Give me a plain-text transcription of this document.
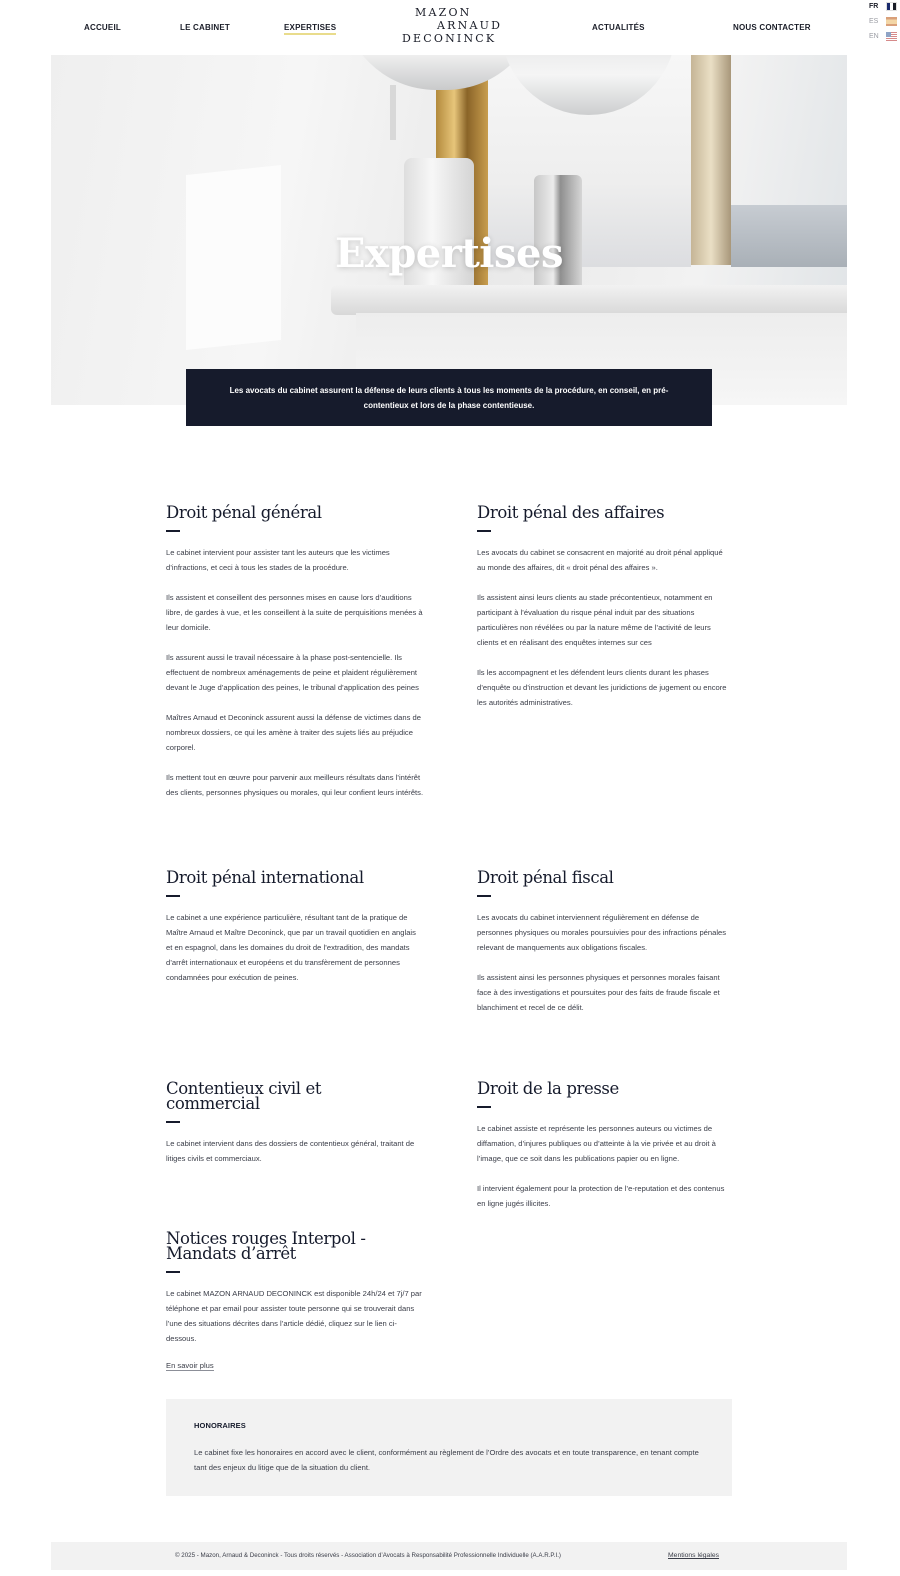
ACCUEIL	LE CABINET	EXPERTISES
MAZON
ARNAUD
DECONINCK
ACTUALITÉS	NOUS CONTACTER
FR
ES
EN
Expertises

Les avocats du cabinet assurent la défense de leurs clients à tous les moments de la procédure, en conseil, en pré-contentieux et lors de la phase contentieuse.

Droit pénal général

Le cabinet intervient pour assister tant les auteurs que les victimes d’infractions, et ceci à tous les stades de la procédure.

Ils assistent et conseillent des personnes mises en cause lors d’auditions libre, de gardes à vue, et les conseillent à la suite de perquisitions menées à leur domicile.

Ils assurent aussi le travail nécessaire à la phase post-sentencielle. Ils effectuent de nombreux aménagements de peine et plaident régulièrement devant le Juge d’application des peines, le tribunal d’application des peines

Maîtres Arnaud et Deconinck assurent aussi la défense de victimes dans de nombreux dossiers, ce qui les amène à traiter des sujets liés au préjudice corporel.

Ils mettent tout en œuvre pour parvenir aux meilleurs résultats dans l’intérêt des clients, personnes physiques ou morales, qui leur confient leurs intérêts.

Droit pénal des affaires

Les avocats du cabinet se consacrent en majorité au droit pénal appliqué au monde des affaires, dit « droit pénal des affaires ».

Ils assistent ainsi leurs clients au stade précontentieux, notamment en participant à l’évaluation du risque pénal induit par des situations particulières non révélées ou par la nature même de l’activité de leurs clients et en réalisant des enquêtes internes sur ces

Ils les accompagnent et les défendent leurs clients durant les phases d’enquête ou d’instruction et devant les juridictions de jugement ou encore les autorités administratives.

Droit pénal international

Le cabinet a une expérience particulière, résultant tant de la pratique de Maître Arnaud et Maître Deconinck, que par un travail quotidien en anglais et en espagnol, dans les domaines du droit de l’extradition, des mandats d’arrêt internationaux et européens et du transfèrement de personnes condamnées pour exécution de peines.

Droit pénal fiscal

Les avocats du cabinet interviennent régulièrement en défense de personnes physiques ou morales poursuivies pour des infractions pénales relevant de manquements aux obligations fiscales.

Ils assistent ainsi les personnes physiques et personnes morales faisant face à des investigations et poursuites pour des faits de fraude fiscale et blanchiment et recel de ce délit.

Contentieux civil et commercial

Le cabinet intervient dans des dossiers de contentieux général, traitant de litiges civils et commerciaux.

Droit de la presse

Le cabinet assiste et représente les personnes auteurs ou victimes de diffamation, d’injures publiques ou d’atteinte à la vie privée et au droit à l’image, que ce soit dans les publications papier ou en ligne.

Il intervient également pour la protection de l’e-reputation et des contenus en ligne jugés illicites.

Notices rouges Interpol - Mandats d’arrêt

Le cabinet MAZON ARNAUD DECONINCK est disponible 24h/24 et 7j/7 par téléphone et par email pour assister toute personne qui se trouverait dans l’une des situations décrites dans l’article dédié, cliquez sur le lien ci-dessous.

En savoir plus
HONORAIRES

Le cabinet fixe les honoraires en accord avec le client, conformément au règlement de l’Ordre des avocats et en toute transparence, en tenant compte tant des enjeux du litige que de la situation du client.

© 2025 - Mazon, Arnaud & Deconinck - Tous droits réservés - Association d’Avocats à Responsabilité Professionnelle Individuelle (A.A.R.P.I.)	Mentions légales
